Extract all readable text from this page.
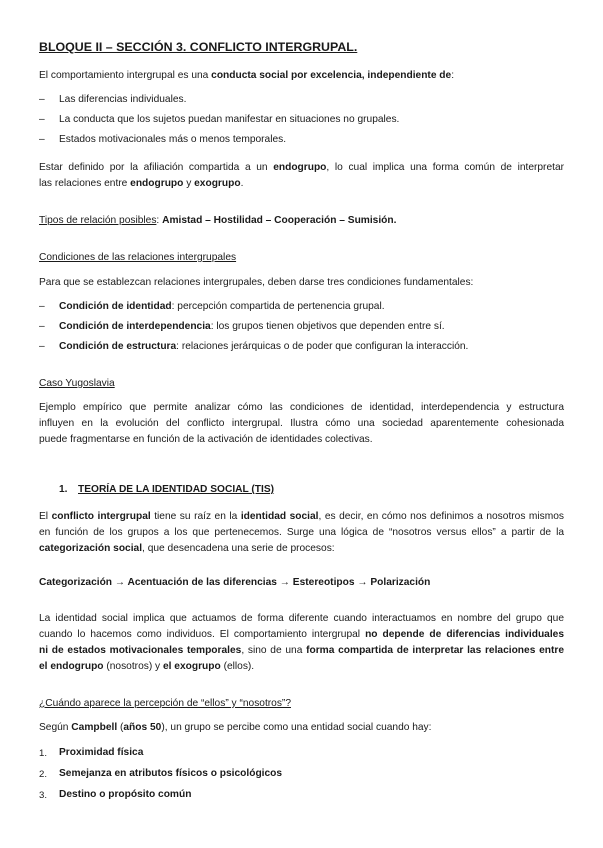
BLOQUE II – SECCIÓN 3. CONFLICTO INTERGRUPAL.
El comportamiento intergrupal es una conducta social por excelencia, independiente de:
– Las diferencias individuales.
– La conducta que los sujetos puedan manifestar en situaciones no grupales.
– Estados motivacionales más o menos temporales.
Estar definido por la afiliación compartida a un endogrupo, lo cual implica una forma común de interpretar
las relaciones entre endogrupo y exogrupo.
Tipos de relación posibles: Amistad – Hostilidad – Cooperación – Sumisión.
Condiciones de las relaciones intergrupales
Para que se establezcan relaciones intergrupales, deben darse tres condiciones fundamentales:
– Condición de identidad: percepción compartida de pertenencia grupal.
– Condición de interdependencia: los grupos tienen objetivos que dependen entre sí.
– Condición de estructura: relaciones jerárquicas o de poder que configuran la interacción.
Caso Yugoslavia
Ejemplo empírico que permite analizar cómo las condiciones de identidad, interdependencia y estructura
influyen en la evolución del conflicto intergrupal. Ilustra cómo una sociedad aparentemente cohesionada
puede fragmentarse en función de la activación de identidades colectivas.
1. TEORÍA DE LA IDENTIDAD SOCIAL (TIS)
El conflicto intergrupal tiene su raíz en la identidad social, es decir, en cómo nos definimos a nosotros mismos
en función de los grupos a los que pertenecemos. Surge una lógica de “nosotros versus ellos” a partir de la
categorización social, que desencadena una serie de procesos:
Categorización → Acentuación de las diferencias → Estereotipos → Polarización
La identidad social implica que actuamos de forma diferente cuando interactuamos en nombre del grupo que
cuando lo hacemos como individuos. El comportamiento intergrupal no depende de diferencias individuales
ni de estados motivacionales temporales, sino de una forma compartida de interpretar las relaciones entre
el endogrupo (nosotros) y el exogrupo (ellos).
¿Cuándo aparece la percepción de “ellos” y “nosotros”?
Según Campbell (años 50), un grupo se percibe como una entidad social cuando hay:
1. Proximidad física
2. Semejanza en atributos físicos o psicológicos
3. Destino o propósito común
